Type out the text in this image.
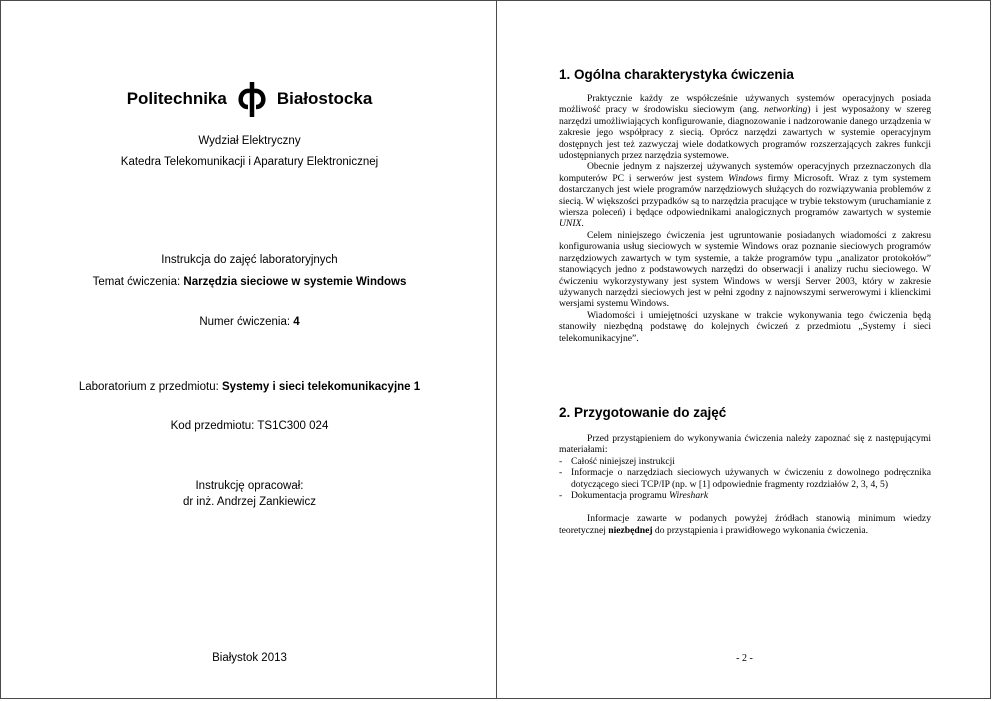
Politechnika	Białostocka
Wydział Elektryczny
Katedra Telekomunikacji i Aparatury Elektronicznej
Instrukcja do zajęć laboratoryjnych
Temat ćwiczenia: Narzędzia sieciowe w systemie Windows
Numer ćwiczenia: 4
Laboratorium z przedmiotu: Systemy i sieci telekomunikacyjne 1
Kod przedmiotu: TS1C300 024
Instrukcję opracował:
dr inż. Andrzej Zankiewicz
Białystok 2013
1. Ogólna charakterystyka ćwiczenia

Praktycznie każdy ze współcześnie używanych systemów operacyjnych posiada możliwość pracy w środowisku sieciowym (ang. networking) i jest wyposażony w szereg narzędzi umożliwiających konfigurowanie, diagnozowanie i nadzorowanie danego urządzenia w zakresie jego współpracy z siecią. Oprócz narzędzi zawartych w systemie operacyjnym dostępnych jest też zazwyczaj wiele dodatkowych programów rozszerzających zakres funkcji udostępnianych przez narzędzia systemowe.

Obecnie jednym z najszerzej używanych systemów operacyjnych przeznaczonych dla komputerów PC i serwerów jest system Windows firmy Microsoft. Wraz z tym systemem dostarczanych jest wiele programów narzędziowych służących do rozwiązywania problemów z siecią. W większości przypadków są to narzędzia pracujące w trybie tekstowym (uruchamianie z wiersza poleceń) i będące odpowiednikami analogicznych programów zawartych w systemie UNIX.

Celem niniejszego ćwiczenia jest ugruntowanie posiadanych wiadomości z zakresu konfigurowania usług sieciowych w systemie Windows oraz poznanie sieciowych programów narzędziowych zawartych w tym systemie, a także programów typu „analizator protokołów” stanowiących jedno z podstawowych narzędzi do obserwacji i analizy ruchu sieciowego. W ćwiczeniu wykorzystywany jest system Windows w wersji Server 2003, który w zakresie używanych narzędzi sieciowych jest w pełni zgodny z najnowszymi serwerowymi i klienckimi wersjami systemu Windows.

Wiadomości i umiejętności uzyskane w trakcie wykonywania tego ćwiczenia będą stanowiły niezbędną podstawę do kolejnych ćwiczeń z przedmiotu „Systemy i sieci telekomunikacyjne”.

2. Przygotowanie do zajęć

Przed przystąpieniem do wykonywania ćwiczenia należy zapoznać się z następującymi materiałami:

- Całość niniejszej instrukcji
- Informacje o narzędziach sieciowych używanych w ćwiczeniu z dowolnego podręcznika dotyczącego sieci TCP/IP (np. w [1] odpowiednie fragmenty rozdziałów 2, 3, 4, 5)
- Dokumentacja programu Wireshark

Informacje zawarte w podanych powyżej źródłach stanowią minimum wiedzy teoretycznej niezbędnej do przystąpienia i prawidłowego wykonania ćwiczenia.

- 2 -
